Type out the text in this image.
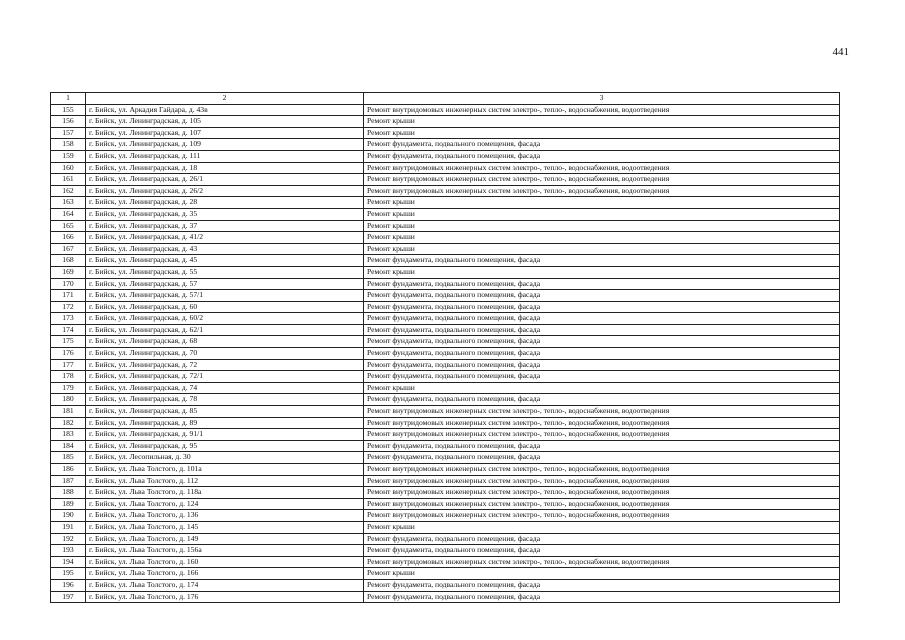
441
1	2	3
155	г. Бийск, ул. Аркадия Гайдара, д. 43в	Ремонт внутридомовых инженерных систем электро-, тепло-, водоснабжения, водоотведения
156	г. Бийск, ул. Ленинградская, д. 105	Ремонт крыши
157	г. Бийск, ул. Ленинградская, д. 107	Ремонт крыши
158	г. Бийск, ул. Ленинградская, д. 109	Ремонт фундамента, подвального помещения, фасада
159	г. Бийск, ул. Ленинградская, д. 111	Ремонт фундамента, подвального помещения, фасада
160	г. Бийск, ул. Ленинградская, д. 18	Ремонт внутридомовых инженерных систем электро-, тепло-, водоснабжения, водоотведения
161	г. Бийск, ул. Ленинградская, д. 26/1	Ремонт внутридомовых инженерных систем электро-, тепло-, водоснабжения, водоотведения
162	г. Бийск, ул. Ленинградская, д. 26/2	Ремонт внутридомовых инженерных систем электро-, тепло-, водоснабжения, водоотведения
163	г. Бийск, ул. Ленинградская, д. 28	Ремонт крыши
164	г. Бийск, ул. Ленинградская, д. 35	Ремонт крыши
165	г. Бийск, ул. Ленинградская, д. 37	Ремонт крыши
166	г. Бийск, ул. Ленинградская, д. 41/2	Ремонт крыши
167	г. Бийск, ул. Ленинградская, д. 43	Ремонт крыши
168	г. Бийск, ул. Ленинградская, д. 45	Ремонт фундамента, подвального помещения, фасада
169	г. Бийск, ул. Ленинградская, д. 55	Ремонт крыши
170	г. Бийск, ул. Ленинградская, д. 57	Ремонт фундамента, подвального помещения, фасада
171	г. Бийск, ул. Ленинградская, д. 57/1	Ремонт фундамента, подвального помещения, фасада
172	г. Бийск, ул. Ленинградская, д. 60	Ремонт фундамента, подвального помещения, фасада
173	г. Бийск, ул. Ленинградская, д. 60/2	Ремонт фундамента, подвального помещения, фасада
174	г. Бийск, ул. Ленинградская, д. 62/1	Ремонт фундамента, подвального помещения, фасада
175	г. Бийск, ул. Ленинградская, д. 68	Ремонт фундамента, подвального помещения, фасада
176	г. Бийск, ул. Ленинградская, д. 70	Ремонт фундамента, подвального помещения, фасада
177	г. Бийск, ул. Ленинградская, д. 72	Ремонт фундамента, подвального помещения, фасада
178	г. Бийск, ул. Ленинградская, д. 72/1	Ремонт фундамента, подвального помещения, фасада
179	г. Бийск, ул. Ленинградская, д. 74	Ремонт крыши
180	г. Бийск, ул. Ленинградская, д. 78	Ремонт фундамента, подвального помещения, фасада
181	г. Бийск, ул. Ленинградская, д. 85	Ремонт внутридомовых инженерных систем электро-, тепло-, водоснабжения, водоотведения
182	г. Бийск, ул. Ленинградская, д. 89	Ремонт внутридомовых инженерных систем электро-, тепло-, водоснабжения, водоотведения
183	г. Бийск, ул. Ленинградская, д. 91/1	Ремонт внутридомовых инженерных систем электро-, тепло-, водоснабжения, водоотведения
184	г. Бийск, ул. Ленинградская, д. 95	Ремонт фундамента, подвального помещения, фасада
185	г. Бийск, ул. Лесопильная, д. 30	Ремонт фундамента, подвального помещения, фасада
186	г. Бийск, ул. Льва Толстого, д. 101а	Ремонт внутридомовых инженерных систем электро-, тепло-, водоснабжения, водоотведения
187	г. Бийск, ул. Льва Толстого, д. 112	Ремонт внутридомовых инженерных систем электро-, тепло-, водоснабжения, водоотведения
188	г. Бийск, ул. Льва Толстого, д. 118а	Ремонт внутридомовых инженерных систем электро-, тепло-, водоснабжения, водоотведения
189	г. Бийск, ул. Льва Толстого, д. 124	Ремонт внутридомовых инженерных систем электро-, тепло-, водоснабжения, водоотведения
190	г. Бийск, ул. Льва Толстого, д. 136	Ремонт внутридомовых инженерных систем электро-, тепло-, водоснабжения, водоотведения
191	г. Бийск, ул. Льва Толстого, д. 145	Ремонт крыши
192	г. Бийск, ул. Льва Толстого, д. 149	Ремонт фундамента, подвального помещения, фасада
193	г. Бийск, ул. Льва Толстого, д. 156а	Ремонт фундамента, подвального помещения, фасада
194	г. Бийск, ул. Льва Толстого, д. 160	Ремонт внутридомовых инженерных систем электро-, тепло-, водоснабжения, водоотведения
195	г. Бийск, ул. Льва Толстого, д. 166	Ремонт крыши
196	г. Бийск, ул. Льва Толстого, д. 174	Ремонт фундамента, подвального помещения, фасада
197	г. Бийск, ул. Льва Толстого, д. 176	Ремонт фундамента, подвального помещения, фасада
